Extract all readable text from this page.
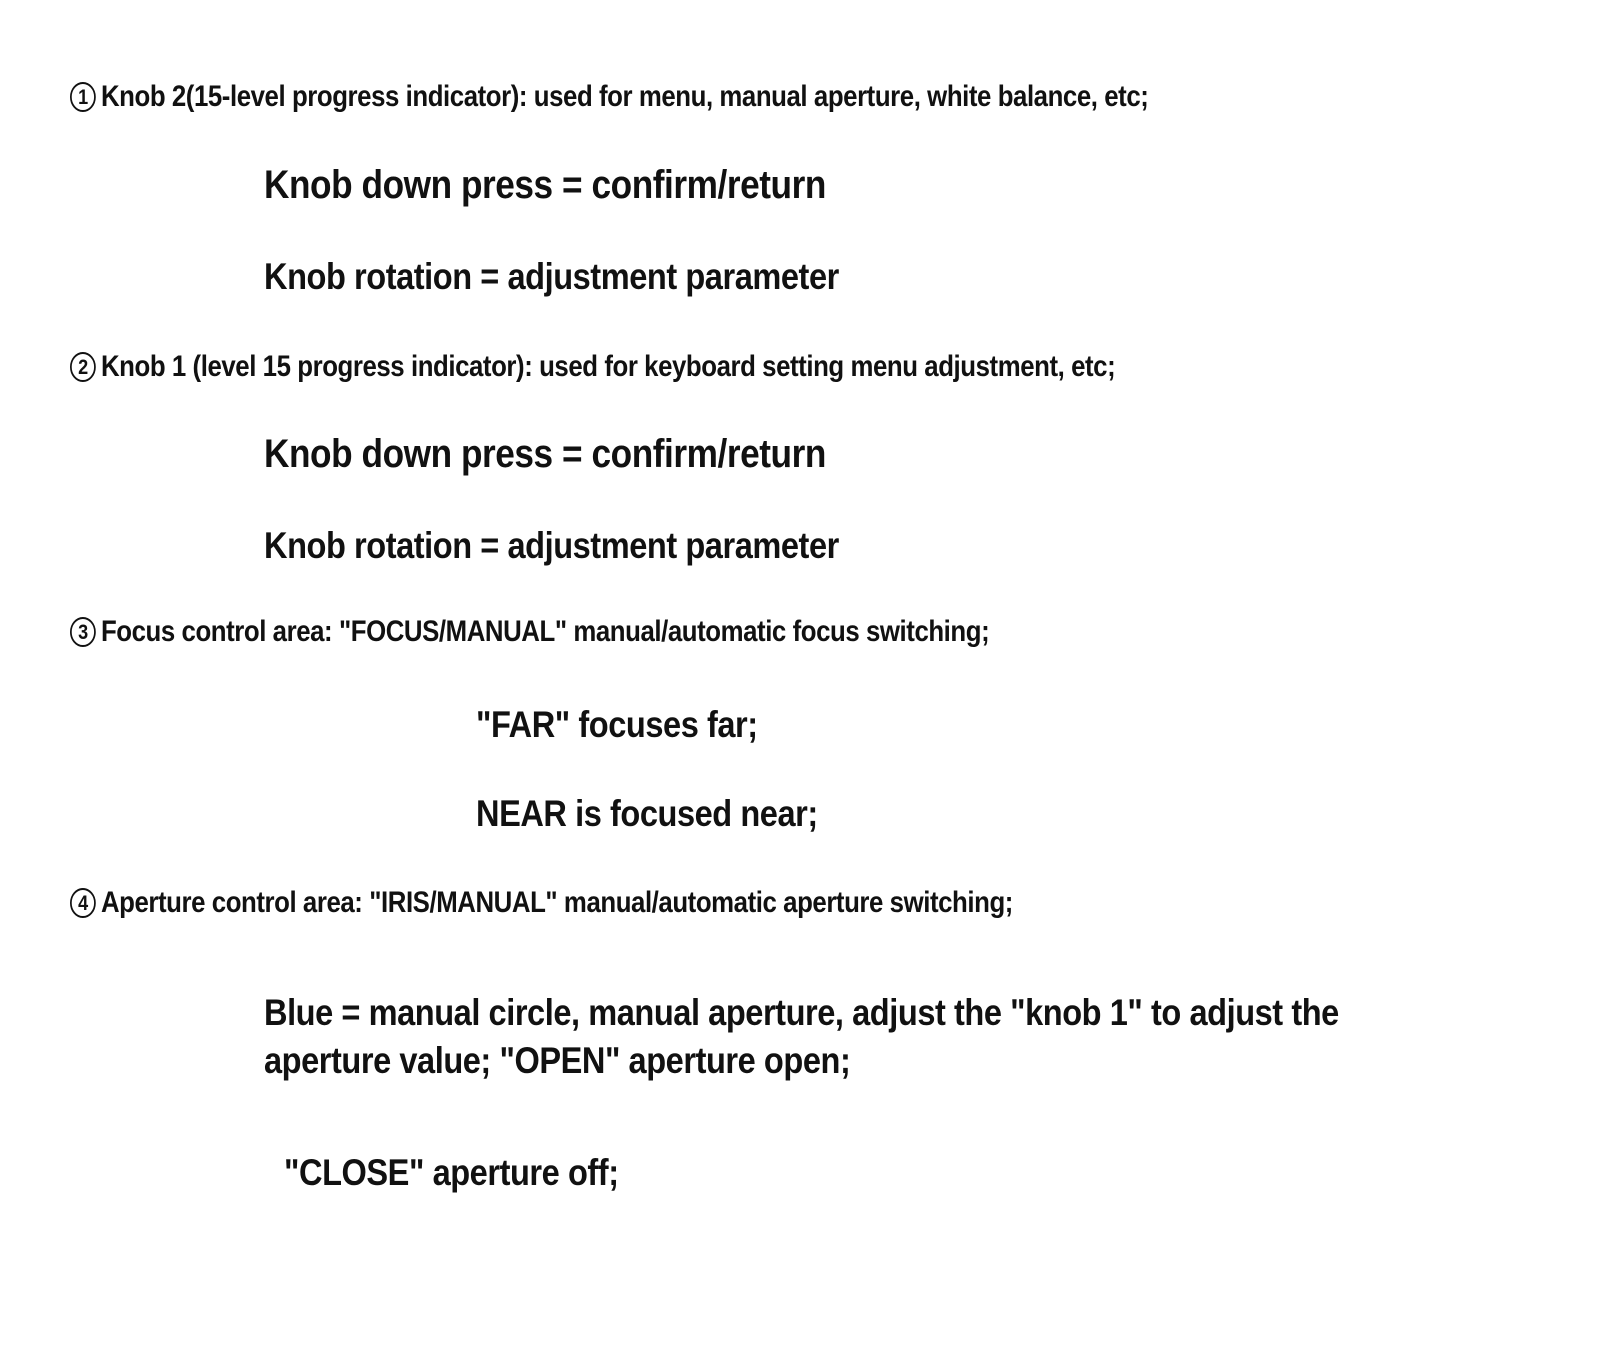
1 Knob 2(15-level progress indicator): used for menu, manual aperture, white balance, etc;
Knob down press = confirm/return
Knob rotation = adjustment parameter
2 Knob 1 (level 15 progress indicator): used for keyboard setting menu adjustment, etc;
Knob down press = confirm/return
Knob rotation = adjustment parameter
3 Focus control area: "FOCUS/MANUAL" manual/automatic focus switching;
"FAR" focuses far;
NEAR is focused near;
4 Aperture control area: "IRIS/MANUAL" manual/automatic aperture switching;
Blue = manual circle, manual aperture, adjust the "knob 1" to adjust the
aperture value; "OPEN" aperture open;
"CLOSE" aperture off;
